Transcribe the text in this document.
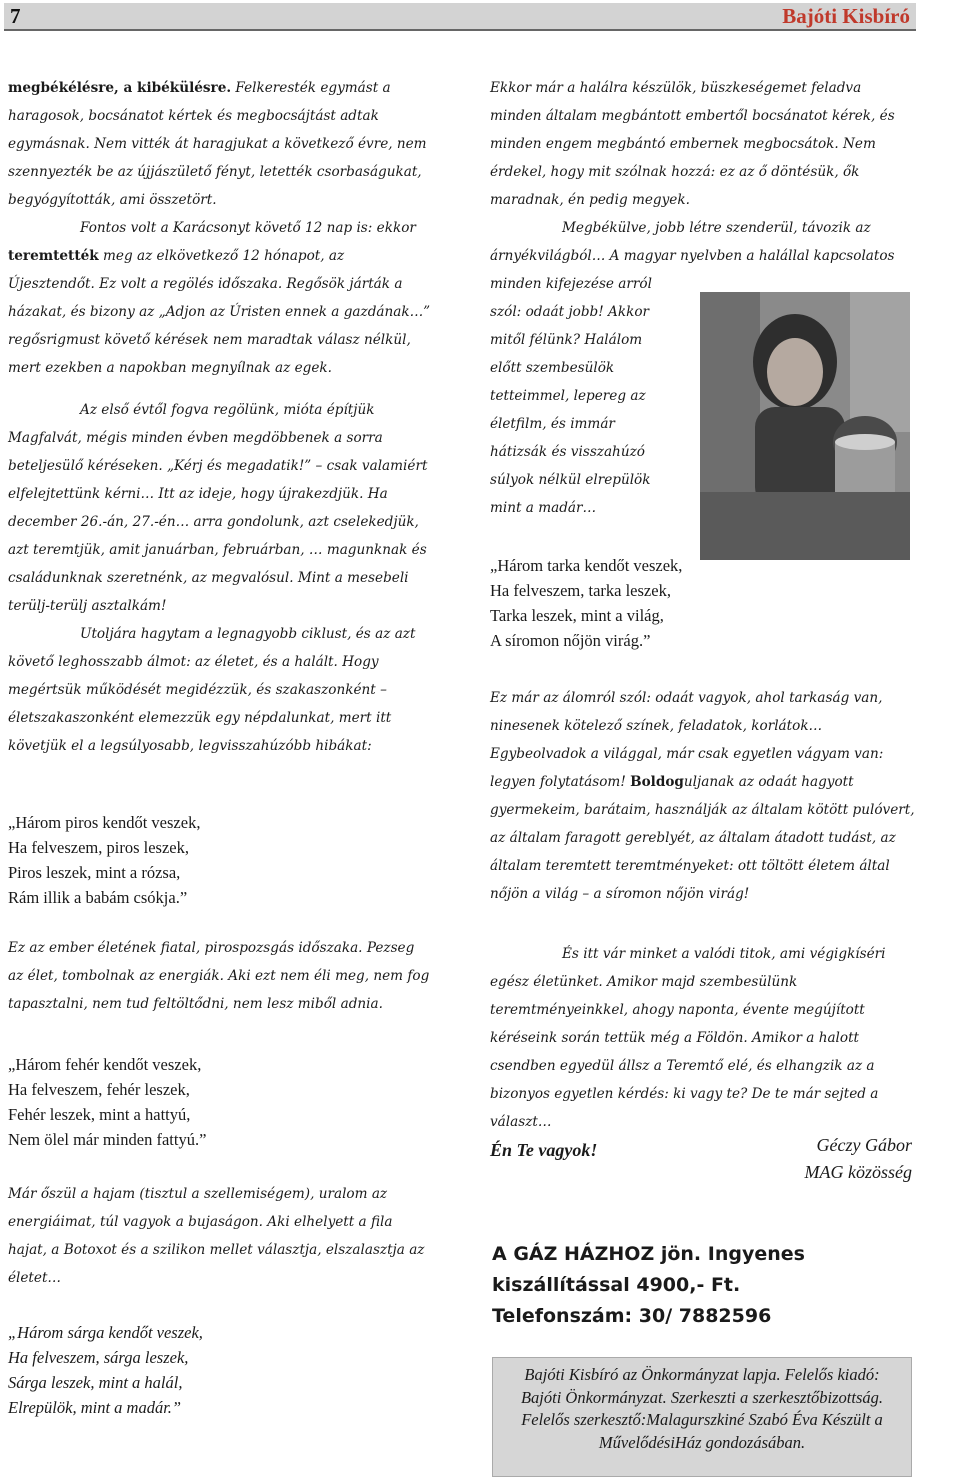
7	Bajóti Kisbíró

megbékélésre, a kibékülésre. Felkeresték egymást a haragosok, bocsánatot kértek és megbocsájtást adtak egymásnak. Nem vitték át haragjukat a következő évre, nem szennyezték be az újjászülető fényt, letették csorbaságukat, begyógyították, ami összetört.

Fontos volt a Karácsonyt követő 12 nap is: ekkor teremtették meg az elkövetkező 12 hónapot, az Újesztendőt. Ez volt a regölés időszaka. Regősök járták a házakat, és bizony az „Adjon az Úristen ennek a gazdának…” regősrigmust követő kérések nem maradtak válasz nélkül, mert ezekben a napokban megnyílnak az egek.

Az első évtől fogva regölünk, mióta építjük Magfalvát, mégis minden évben megdöbbenek a sorra beteljesülő kéréseken. „Kérj és megadatik!” – csak valamiért elfelejtettünk kérni… Itt az ideje, hogy újrakezdjük. Ha december 26.-án, 27.-én… arra gondolunk, azt cselekedjük, azt teremtjük, amit januárban, februárban, … magunknak és családunknak szeretnénk, az megvalósul. Mint a mesebeli terülj-terülj asztalkám!

Utoljára hagytam a legnagyobb ciklust, és az azt követő leghosszabb álmot: az életet, és a halált. Hogy megértsük működését megidézzük, és szakaszonként – életszakaszonként elemezzük egy népdalunkat, mert itt követjük el a legsúlyosabb, legvisszahúzóbb hibákat:

„Három piros kendőt veszek,

Ha felveszem, piros leszek,

Piros leszek, mint a rózsa,

Rám illik a babám csókja.”

Ez az ember életének fiatal, pirospozsgás időszaka. Pezseg az élet, tombolnak az energiák. Aki ezt nem éli meg, nem fog tapasztalni, nem tud feltöltődni, nem lesz miből adnia.

„Három fehér kendőt veszek,

Ha felveszem, fehér leszek,

Fehér leszek, mint a hattyú,

Nem ölel már minden fattyú.”

Már őszül a hajam (tisztul a szellemiségem), uralom az energiáimat, túl vagyok a bujaságon. Aki elhelyett a fila hajat, a Botoxot és a szilikon mellet választja, elszalasztja az életet…

„Három sárga kendőt veszek,

Ha felveszem, sárga leszek,

Sárga leszek, mint a halál,

Elrepülök, mint a madár.”

Ekkor már a halálra készülök, büszkeségemet feladva minden általam megbántott embertől bocsánatot kérek, és minden engem megbántó embernek megbocsátok. Nem érdekel, hogy mit szólnak hozzá: ez az ő döntésük, ők maradnak, én pedig megyek.

Megbékülve, jobb létre szenderül, távozik az árnyékvilágból… A magyar nyelvben a halállal kapcsolatos

minden kifejezése arról

szól: odaát jobb! Akkor

mitől félünk? Halálom

előtt szembesülök

tetteimmel, lepereg az

életfilm, és immár

hátizsák és visszahúzó

súlyok nélkül elrepülök

mint a madár…

„Három tarka kendőt veszek,

Ha felveszem, tarka leszek,

Tarka leszek, mint a világ,

A síromon nőjön virág.”

Ez már az álomról szól: odaát vagyok, ahol tarkaság van, ninesenek kötelező színek, feladatok, korlátok… Egybeolvadok a világgal, már csak egyetlen vágyam van: legyen folytatásom! Boldoguljanak az odaát hagyott gyermekeim, barátaim, használják az általam kötött pulóvert, az általam faragott gereblyét, az általam átadott tudást, az általam teremtett teremtményeket: ott töltött életem által nőjön a világ – a síromon nőjön virág!

És itt vár minket a valódi titok, ami végigkíséri egész életünket. Amikor majd szembesülünk teremtményeinkkel, ahogy naponta, évente megújított kéréseink során tettük még a Földön. Amikor a halott csendben egyedül állsz a Teremtő elé, és elhangzik az a bizonyos egyetlen kérdés: ki vagy te? De te már sejted a választ…

Én Te vagyok!	Géczy Gábor
MAG közösség

A GÁZ HÁZHOZ jön. Ingyenes

kiszállítással 4900,- Ft.

Telefonszám: 30/ 7882596

Bajóti Kisbíró az Önkormányzat lapja. Felelős kiadó: Bajóti Önkormányzat. Szerkeszti a szerkesztőbizottság. Felelős szerkesztő:Malagurszkiné Szabó Éva Készült a MűvelődésiHáz gondozásában.
